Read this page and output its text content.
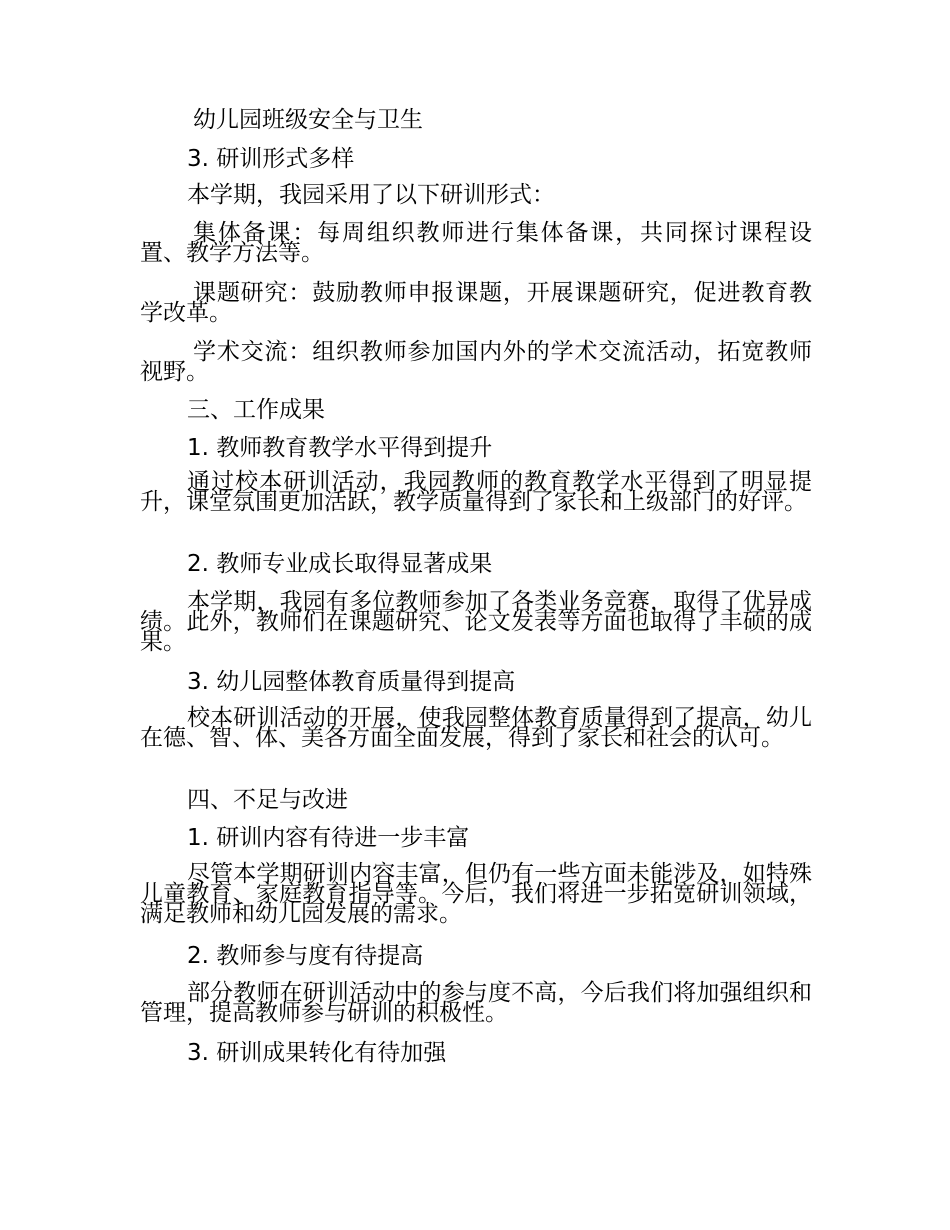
幼儿园班级安全与卫生
3. 研训形式多样
本学期，我园采用了以下研训形式：
集体备课：每周组织教师进行集体备课，共同探讨课程设置、教学方法等。
课题研究：鼓励教师申报课题，开展课题研究，促进教育教学改革。
学术交流：组织教师参加国内外的学术交流活动，拓宽教师视野。
三、工作成果
1. 教师教育教学水平得到提升
通过校本研训活动，我园教师的教育教学水平得到了明显提升，课堂氛围更加活跃，教学质量得到了家长和上级部门的好评。
2. 教师专业成长取得显著成果
本学期，我园有多位教师参加了各类业务竞赛，取得了优异成绩。此外，教师们在课题研究、论文发表等方面也取得了丰硕的成果。
3. 幼儿园整体教育质量得到提高
校本研训活动的开展，使我园整体教育质量得到了提高，幼儿在德、智、体、美各方面全面发展，得到了家长和社会的认可。
四、不足与改进
1. 研训内容有待进一步丰富
尽管本学期研训内容丰富，但仍有一些方面未能涉及，如特殊儿童教育、家庭教育指导等。今后，我们将进一步拓宽研训领域，满足教师和幼儿园发展的需求。
2. 教师参与度有待提高
部分教师在研训活动中的参与度不高，今后我们将加强组织和管理，提高教师参与研训的积极性。
3. 研训成果转化有待加强
